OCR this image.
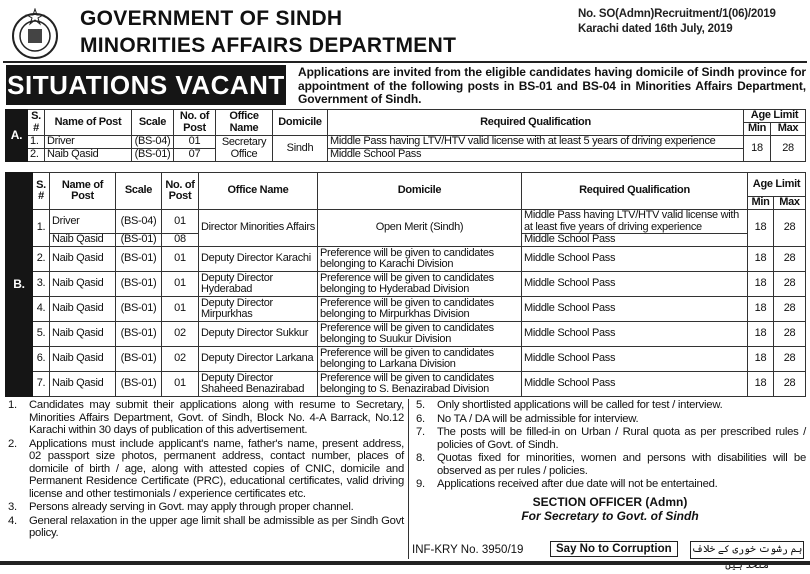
GOVERNMENT OF SINDH
MINORITIES AFFAIRS DEPARTMENT
No. SO(Admn)Recruitment/1(06)/2019
Karachi dated 16th July, 2019
SITUATIONS VACANT Applications are invited from the eligible candidates having domicile of Sindh province for appointment of the following posts in BS-01 and BS-04 in Minorities Affairs Department, Government of Sindh.
A.	S. #	Name of Post	Scale	No. of Post	Office Name	Domicile	Required Qualification	Age Limit	
								Min	Max
	1.	Driver	(BS-04)	01	Secretary Office	Sindh	Middle Pass having LTV/HTV valid license with at least 5 years of driving experience	18	28
	2.	Naib Qasid	(BS-01)	07			Middle School Pass		
B.	S. #	Name of Post	Scale	No. of Post	Office Name	Domicile	Required Qualification	Age Limit	
								Min	Max
	1.	Driver	(BS-04)	01	Director Minorities Affairs	Open Merit (Sindh)	Middle Pass having LTV/HTV valid license with at least five years of driving experience	18	28
		Naib Qasid	(BS-01)	08			Middle School Pass		
	2.	Naib Qasid	(BS-01)	01	Deputy Director Karachi	Preference will be given to candidates belonging to Karachi Division	Middle School Pass	18	28
	3.	Naib Qasid	(BS-01)	01	Deputy Director Hyderabad	Preference will be given to candidates belonging to Hyderabad Division	Middle School Pass	18	28
	4.	Naib Qasid	(BS-01)	01	Deputy Director Mirpurkhas	Preference will be given to candidates belonging to Mirpurkhas Division	Middle School Pass	18	28
	5.	Naib Qasid	(BS-01)	02	Deputy Director Sukkur	Preference will be given to candidates belonging to Suukur Division	Middle School Pass	18	28
	6.	Naib Qasid	(BS-01)	02	Deputy Director Larkana	Preference will be given to candidates belonging to Larkana Division	Middle School Pass	18	28
	7.	Naib Qasid	(BS-01)	01	Deputy Director Shaheed Benazirabad	Preference will be given to candidates belonging to S. Benazirabad Division	Middle School Pass	18	28
1.	Candidates may submit their applications along with resume to Secretary, Minorities Affairs Department, Govt. of Sindh, Block No. 4-A Barrack, No.12 Karachi within 30 days of publication of this advertisement.
2.	Applications must include applicant's name, father's name, present address, 02 passport size photos, permanent address, contact number, places of domicile of birth / age, along with attested copies of CNIC, domicile and Permanent Residence Certificate (PRC), educational certificates, valid driving license and other testimonials / experience certificates etc.
3.	Persons already serving in Govt. may apply through proper channel.
4.	General relaxation in the upper age limit shall be admissible as per Sindh Govt policy.
5.	Only shortlisted applications will be called for test / interview.
6.	No TA / DA will be admissible for interview.
7.	The posts will be filled-in on Urban / Rural quota as per prescribed rules / policies of Govt. of Sindh.
8.	Quotas fixed for minorities, women and persons with disabilities will be observed as per rules / policies.
9.	Applications received after due date will not be entertained.
SECTION OFFICER (Admn)
For Secretary to Govt. of Sindh
INF-KRY No. 3950/19	Say No to Corruption	ہم رشوت خوری کے خلاف متحد ہیں
